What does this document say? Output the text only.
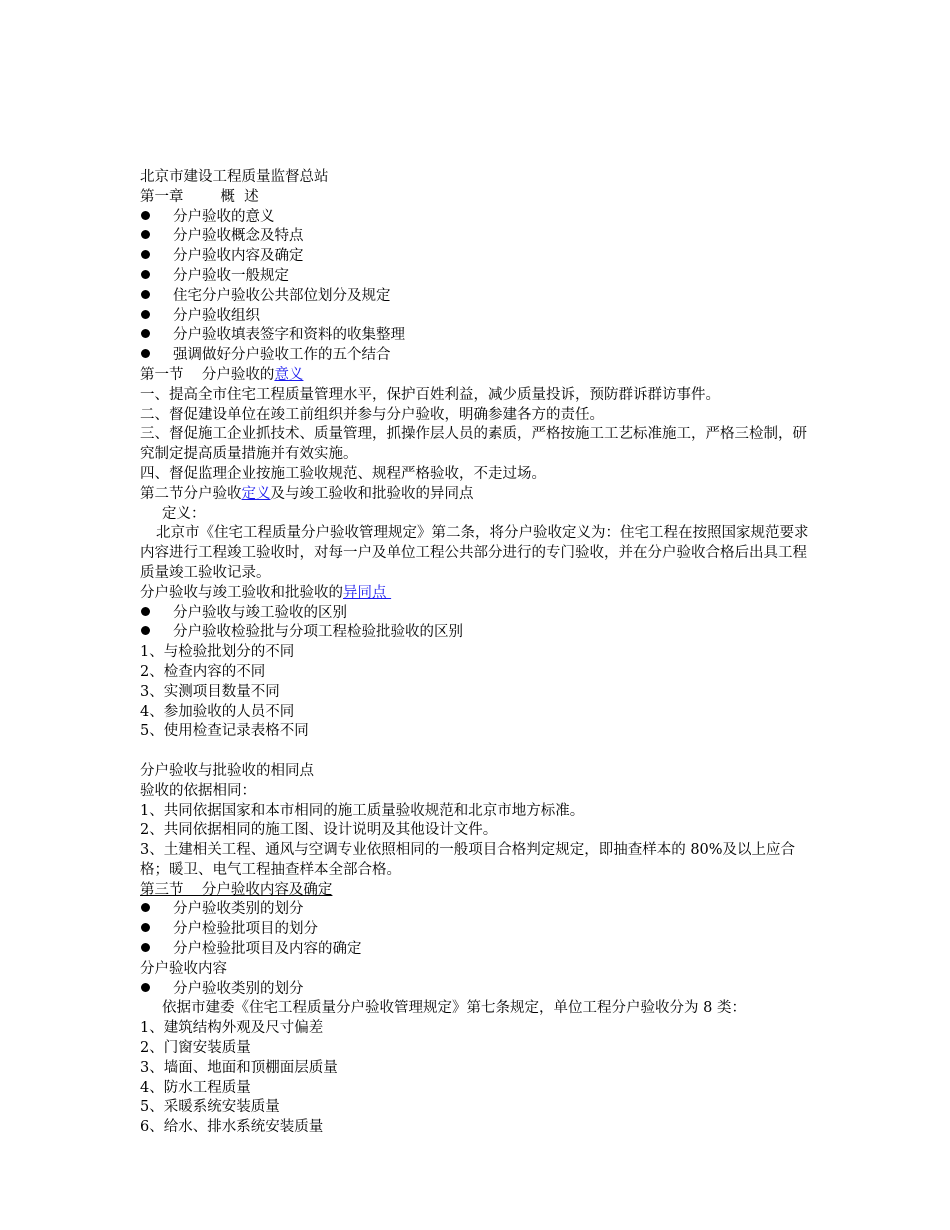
北京市建设工程质量监督总站
第一章        概  述
分户验收的意义
分户验收概念及特点
分户验收内容及确定
分户验收一般规定
住宅分户验收公共部位划分及规定
分户验收组织
分户验收填表签字和资料的收集整理
强调做好分户验收工作的五个结合
第一节    分户验收的意义
一、提高全市住宅工程质量管理水平，保护百姓利益，减少质量投诉，预防群诉群访事件。
二、督促建设单位在竣工前组织并参与分户验收，明确参建各方的责任。
三、督促施工企业抓技术、质量管理，抓操作层人员的素质，严格按施工工艺标准施工，严格三检制，研究制定提高质量措施并有效实施。
四、督促监理企业按施工验收规范、规程严格验收，不走过场。
第二节分户验收定义及与竣工验收和批验收的异同点
定义：
北京市《住宅工程质量分户验收管理规定》第二条，将分户验收定义为：住宅工程在按照国家规范要求内容进行工程竣工验收时，对每一户及单位工程公共部分进行的专门验收，并在分户验收合格后出具工程质量竣工验收记录。
分户验收与竣工验收和批验收的异同点
分户验收与竣工验收的区别
分户验收检验批与分项工程检验批验收的区别
1、与检验批划分的不同
2、检查内容的不同
3、实测项目数量不同
4、参加验收的人员不同
5、使用检查记录表格不同
分户验收与批验收的相同点
验收的依据相同：
1、共同依据国家和本市相同的施工质量验收规范和北京市地方标准。
2、共同依据相同的施工图、设计说明及其他设计文件。
3、土建相关工程、通风与空调专业依照相同的一般项目合格判定规定，即抽查样本的 80%及以上应合格；暖卫、电气工程抽查样本全部合格。
第三节    分户验收内容及确定
分户验收类别的划分
分户检验批项目的划分
分户检验批项目及内容的确定
分户验收内容
分户验收类别的划分
依据市建委《住宅工程质量分户验收管理规定》第七条规定，单位工程分户验收分为 8 类：
1、建筑结构外观及尺寸偏差
2、门窗安装质量
3、墙面、地面和顶棚面层质量
4、防水工程质量
5、采暖系统安装质量
6、给水、排水系统安装质量
